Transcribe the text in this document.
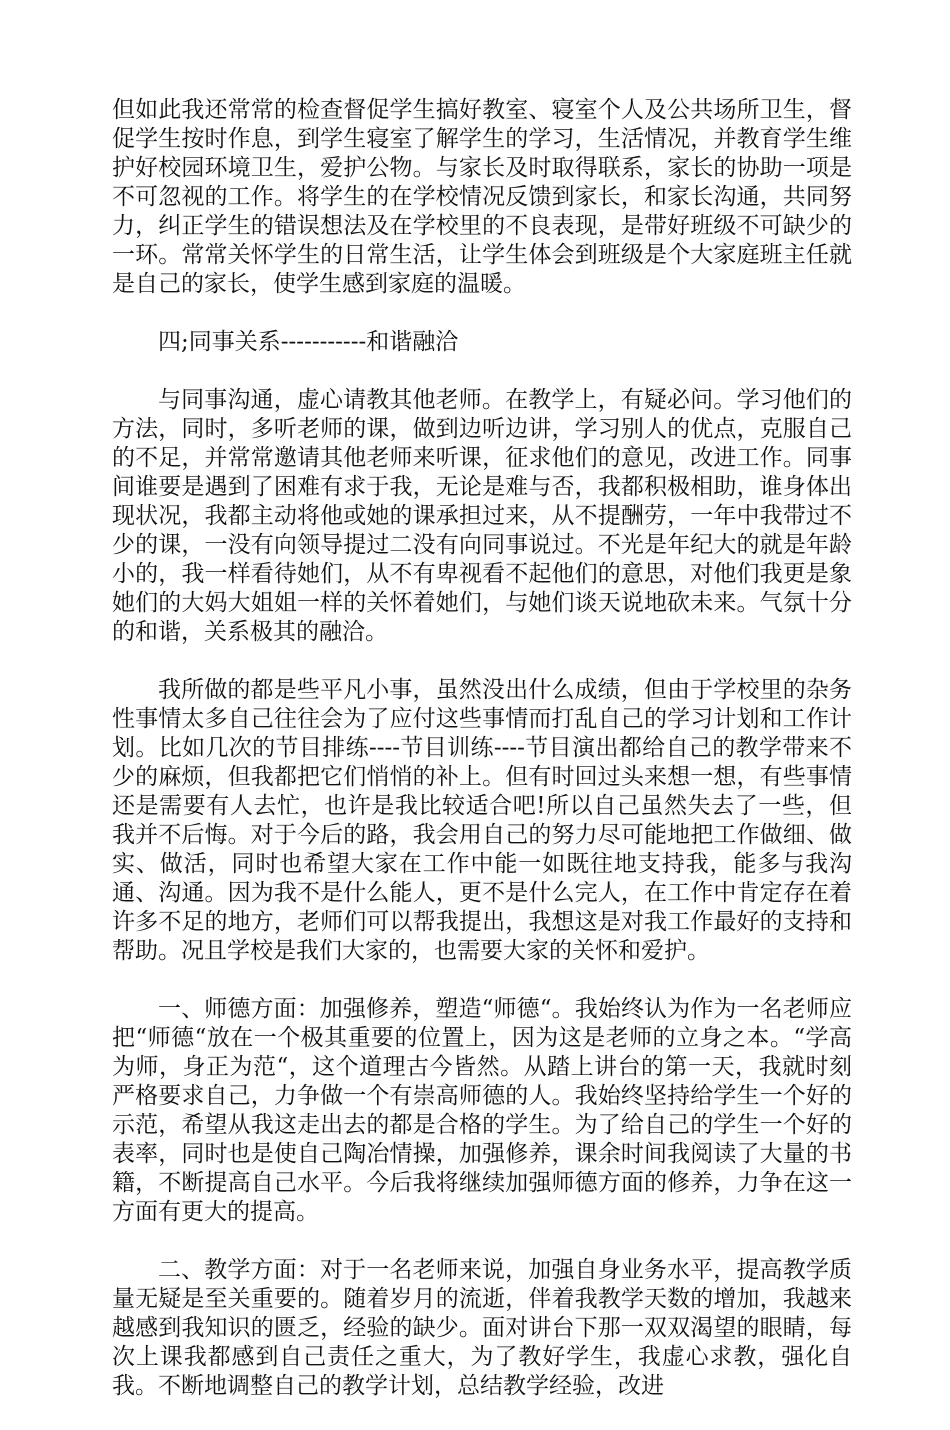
但如此我还常常的检查督促学生搞好教室、寝室个人及公共场所卫生，督促学生按时作息，到学生寝室了解学生的学习，生活情况，并教育学生维护好校园环境卫生，爱护公物。与家长及时取得联系，家长的协助一项是不可忽视的工作。将学生的在学校情况反馈到家长，和家长沟通，共同努力，纠正学生的错误想法及在学校里的不良表现，是带好班级不可缺少的一环。常常关怀学生的日常生活，让学生体会到班级是个大家庭班主任就是自己的家长，使学生感到家庭的温暖。

四;同事关系-----------和谐融洽

与同事沟通，虚心请教其他老师。在教学上，有疑必问。学习他们的方法，同时，多听老师的课，做到边听边讲，学习别人的优点，克服自己的不足，并常常邀请其他老师来听课，征求他们的意见，改进工作。同事间谁要是遇到了困难有求于我，无论是难与否，我都积极相助，谁身体出现状况，我都主动将他或她的课承担过来，从不提酬劳，一年中我带过不少的课，一没有向领导提过二没有向同事说过。不光是年纪大的就是年龄小的，我一样看待她们，从不有卑视看不起他们的意思，对他们我更是象她们的大妈大姐姐一样的关怀着她们，与她们谈天说地砍未来。气氛十分的和谐，关系极其的融洽。

我所做的都是些平凡小事，虽然没出什么成绩，但由于学校里的杂务性事情太多自己往往会为了应付这些事情而打乱自己的学习计划和工作计划。比如几次的节目排练----节目训练----节目演出都给自己的教学带来不少的麻烦，但我都把它们悄悄的补上。但有时回过头来想一想，有些事情还是需要有人去忙，也许是我比较适合吧!所以自己虽然失去了一些，但我并不后悔。对于今后的路，我会用自己的努力尽可能地把工作做细、做实、做活，同时也希望大家在工作中能一如既往地支持我，能多与我沟通、沟通。因为我不是什么能人，更不是什么完人，在工作中肯定存在着许多不足的地方，老师们可以帮我提出，我想这是对我工作最好的支持和帮助。况且学校是我们大家的，也需要大家的关怀和爱护。

一、师德方面：加强修养，塑造“师德“。我始终认为作为一名老师应把“师德“放在一个极其重要的位置上，因为这是老师的立身之本。“学高为师，身正为范“，这个道理古今皆然。从踏上讲台的第一天，我就时刻严格要求自己，力争做一个有崇高师德的人。我始终坚持给学生一个好的示范，希望从我这走出去的都是合格的学生。为了给自己的学生一个好的表率，同时也是使自己陶冶情操，加强修养，课余时间我阅读了大量的书籍，不断提高自己水平。今后我将继续加强师德方面的修养，力争在这一方面有更大的提高。

二、教学方面：对于一名老师来说，加强自身业务水平，提高教学质量无疑是至关重要的。随着岁月的流逝，伴着我教学天数的增加，我越来越感到我知识的匮乏，经验的缺少。面对讲台下那一双双渴望的眼睛，每次上课我都感到自己责任之重大，为了教好学生，我虚心求教，强化自我。不断地调整自己的教学计划，总结教学经验，改进
